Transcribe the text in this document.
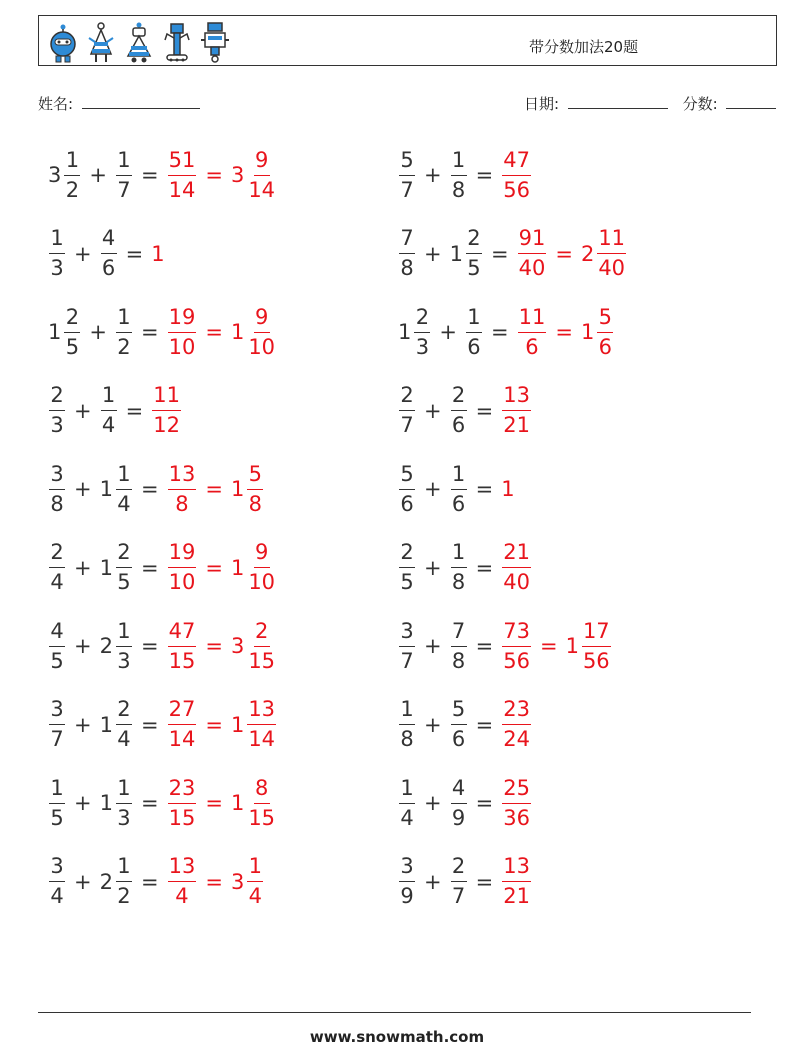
带分数加法20题
姓名:	日期:	分数:
$3 \frac{1}{2} + \frac{1}{7} = \frac{51}{14} = 3 \frac{9}{14}$
$\frac{1}{3} + \frac{4}{6} = 1$
$1 \frac{2}{5} + \frac{1}{2} = \frac{19}{10} = 1 \frac{9}{10}$
$\frac{2}{3} + \frac{1}{4} = \frac{11}{12}$
$\frac{3}{8} + 1 \frac{1}{4} = \frac{13}{8} = 1 \frac{5}{8}$
$\frac{2}{4} + 1 \frac{2}{5} = \frac{19}{10} = 1 \frac{9}{10}$
$\frac{4}{5} + 2 \frac{1}{3} = \frac{47}{15} = 3 \frac{2}{15}$
$\frac{3}{7} + 1 \frac{2}{4} = \frac{27}{14} = 1 \frac{13}{14}$
$\frac{1}{5} + 1 \frac{1}{3} = \frac{23}{15} = 1 \frac{8}{15}$
$\frac{3}{4} + 2 \frac{1}{2} = \frac{13}{4} = 3 \frac{1}{4}$
$\frac{5}{7} + \frac{1}{8} = \frac{47}{56}$
$\frac{7}{8} + 1 \frac{2}{5} = \frac{91}{40} = 2 \frac{11}{40}$
$1 \frac{2}{3} + \frac{1}{6} = \frac{11}{6} = 1 \frac{5}{6}$
$\frac{2}{7} + \frac{2}{6} = \frac{13}{21}$
$\frac{5}{6} + \frac{1}{6} = 1$
$\frac{2}{5} + \frac{1}{8} = \frac{21}{40}$
$\frac{3}{7} + \frac{7}{8} = \frac{73}{56} = 1 \frac{17}{56}$
$\frac{1}{8} + \frac{5}{6} = \frac{23}{24}$
$\frac{1}{4} + \frac{4}{9} = \frac{25}{36}$
$\frac{3}{9} + \frac{2}{7} = \frac{13}{21}$
www.snowmath.com
